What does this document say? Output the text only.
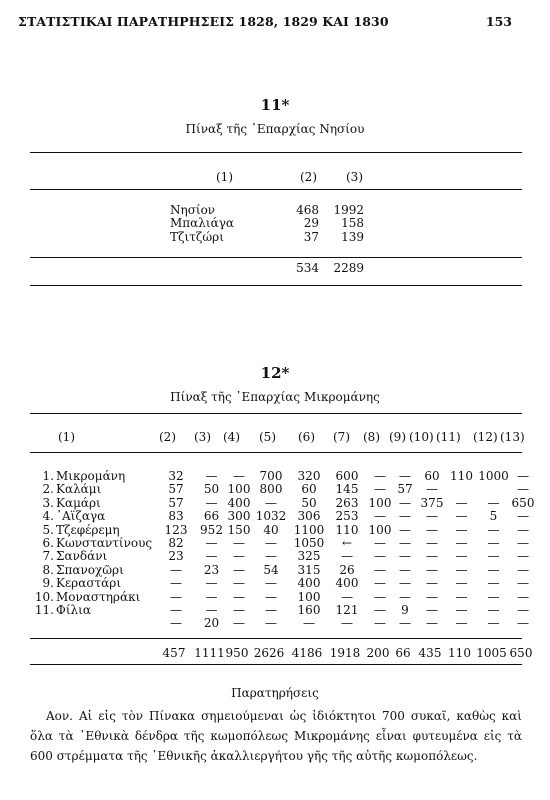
ΣΤΑΤΙΣΤΙΚΑΙ ΠΑΡΑΤΗΡΗΣΕΙΣ 1828, 1829 ΚΑΙ 1830	153
11*
Πίναξ τῆς ᾿Επαρχίας Νησίου
(1)	(2) (3)
Νησίον	468	1992
Μπαλιάγα	29	158
Τζιτζώρι	37	139
	534	2289
12*
Πίναξ τῆς ᾿Επαρχίας Μικρομάνης
(1)	(2) (3) (4) (5) (6) (7) (8) (9) (10) (11) (12) (13)
1.	Μικρομάνη	32	—	—	700	320	600	—	—	60	110	1000	—
2.	Καλάμι	57	50	100	800	60	145	—	57	—			—
3.	Καμάρι	57	—	400	—	50	263	100	—	375	—	—	650
4.	᾿Αϊζαγα	83	66	300	1032	306	253	—	—	—	—	5	—
5.	Τζεφέρεμη	123	952	150	40	1100	110	100	—	—	—	—	—
6.	Κωνσταντίνους	82	—	—	—	1050	←	—	—	—	—	—	—
7.	Σανδάνι	23	—	—	—	325	—	—	—	—	—	—	—
8.	Σπανοχῶρι	—	23	—	54	315	26	—	—	—	—	—	—
9.	Κεραστάρι	—	—	—	—	400	400	—	—	—	—	—	—
10.	Μοναστηράκι	—	—	—	—	100	—	—	—	—	—	—	—
11.	Φίλια	—	—	—	—	160	121	—	9	—	—	—	—
		—	20	—	—	—	—	—	—	—	—	—	—
	457	1111	950	2626	4186	1918	200	66	435	110	1005	650
Παρατηρήσεις
Αον. Αἱ εἰς τὸν Πίνακα σημειούμεναι ὡς ἰδιόκτητοι 700 συκαῖ, καθὼς καὶ ὅλα τὰ ᾿Εθνικὰ δένδρα τῆς κωμοπόλεως Μικρομάνης εἶναι φυτευμένα εἰς τὰ 600 στρέμματα τῆς ᾿Εθνικῆς ἀκαλλιεργήτου γῆς τῆς αὐτῆς κωμοπόλεως.
